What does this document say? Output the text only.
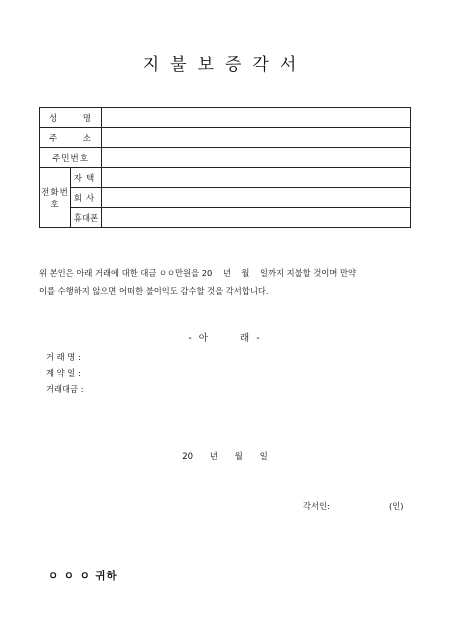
지불보증각서
성 명		

주 소		

주민번호		
전화번호	자택	
	회사	
	휴대폰	
위 본인은 아래 거래에 대한 대금 ㅇㅇ만원을 20    년    월    일까지 지불할 것이며 만약
이를 수행하지 않으면 어떠한 불이익도 감수할 것을 각서합니다.
- 아      래 -
거 래 명 :
계 약 일 :
거래대금 :
20 년 월 일
각서인:	(인)
ㅇ ㅇ ㅇ 귀하
